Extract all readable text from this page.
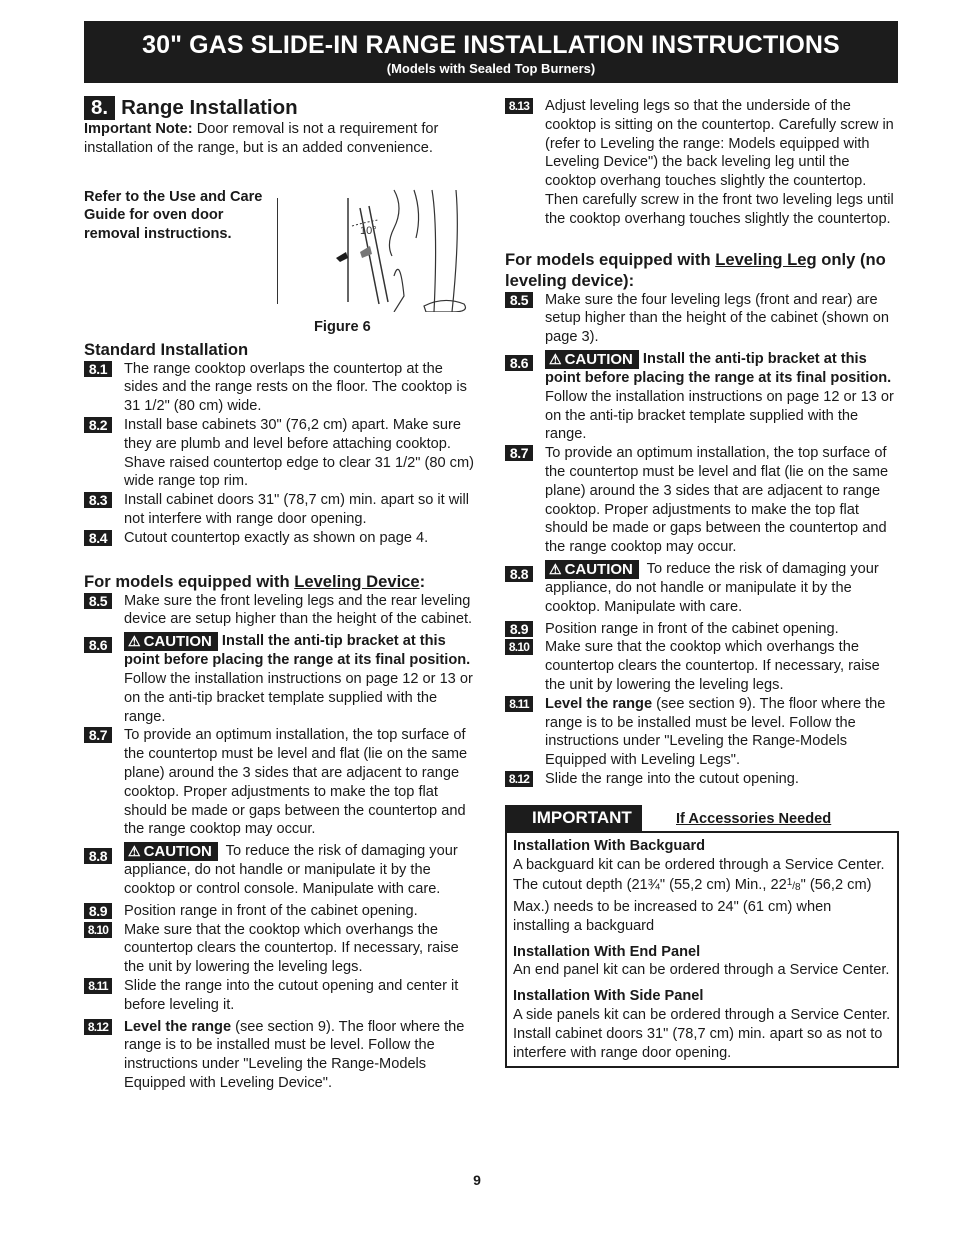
30" GAS SLIDE-IN RANGE INSTALLATION INSTRUCTIONS
(Models with Sealed Top Burners)
8. Range Installation
Important Note: Door removal is not a requirement for installation of the range, but is an added convenience.
Refer to the Use and Care Guide for oven door removal instructions.	10°
Figure 6
Standard Installation
8.1	The range cooktop overlaps the countertop at the sides and the range rests on the floor. The cooktop is 31 1/2" (80 cm) wide.
8.2	Install base cabinets 30" (76,2 cm) apart. Make sure they are plumb and level before attaching cooktop. Shave raised countertop edge to clear 31 1/2" (80 cm) wide range top rim.
8.3	Install cabinet doors 31" (78,7 cm) min. apart so it will not interfere with range door opening.
8.4	Cutout countertop exactly as shown on page 4.
For models equipped with Leveling Device:
8.5	Make sure the front leveling legs and the rear leveling device are setup higher than the height of the cabinet.
8.6	⚠ CAUTION Install the anti-tip bracket at this point before placing the range at its final position. Follow the installation instructions on page 12 or 13 or on the anti-tip bracket template supplied with the range.
8.7	To provide an optimum installation, the top surface of the countertop must be level and flat (lie on the same plane) around the 3 sides that are adjacent to range cooktop. Proper adjustments to make the top flat should be made or gaps between the countertop and the range cooktop may occur.
8.8	⚠ CAUTION To reduce the risk of damaging your appliance, do not handle or manipulate it by the cooktop or control console. Manipulate with care.
8.9	Position range in front of the cabinet opening.
8.10 Make sure that the cooktop which overhangs the countertop clears the countertop. If necessary, raise the unit by lowering the leveling legs.
8.11 Slide the range into the cutout opening and center it before leveling it.
8.12 Level the range (see section 9). The floor where the range is to be installed must be level. Follow the instructions under "Leveling the Range-Models Equipped with Leveling Device".
8.13 Adjust leveling legs so that the underside of the cooktop is sitting on the countertop. Carefully screw in (refer to Leveling the range: Models equipped with Leveling Device") the back leveling leg until the cooktop overhang touches slightly the countertop. Then carefully screw in the front two leveling legs until the cooktop overhang touches slightly the countertop.
For models equipped with Leveling Leg only (no leveling device):
8.5	Make sure the four leveling legs (front and rear) are setup higher than the height of the cabinet (shown on page 3).
8.6	⚠ CAUTION Install the anti-tip bracket at this point before placing the range at its final position. Follow the installation instructions on page 12 or 13 or on the anti-tip bracket template supplied with the range.
8.7	To provide an optimum installation, the top surface of the countertop must be level and flat (lie on the same plane) around the 3 sides that are adjacent to range cooktop. Proper adjustments to make the top flat should be made or gaps between the countertop and the range cooktop may occur.
8.8	⚠ CAUTION To reduce the risk of damaging your appliance, do not handle or manipulate it by the cooktop. Manipulate with care.
8.9	Position range in front of the cabinet opening.
8.10 Make sure that the cooktop which overhangs the countertop clears the countertop. If necessary, raise the unit by lowering the leveling legs.
8.11 Level the range (see section 9). The floor where the range is to be installed must be level. Follow the instructions under "Leveling the Range-Models Equipped with Leveling Legs".
8.12 Slide the range into the cutout opening.
IMPORTANT	If Accessories Needed
Installation With Backguard
A backguard kit can be ordered through a Service Center. The cutout depth (21¾" (55,2 cm) Min., $22^1/8$" (56,2 cm) Max.) needs to be increased to 24" (61 cm) when installing a backguard
Installation With End Panel
An end panel kit can be ordered through a Service Center.
Installation With Side Panel
A side panels kit can be ordered through a Service Center. Install cabinet doors 31" (78,7 cm) min. apart so as not to interfere with range door opening.
9
